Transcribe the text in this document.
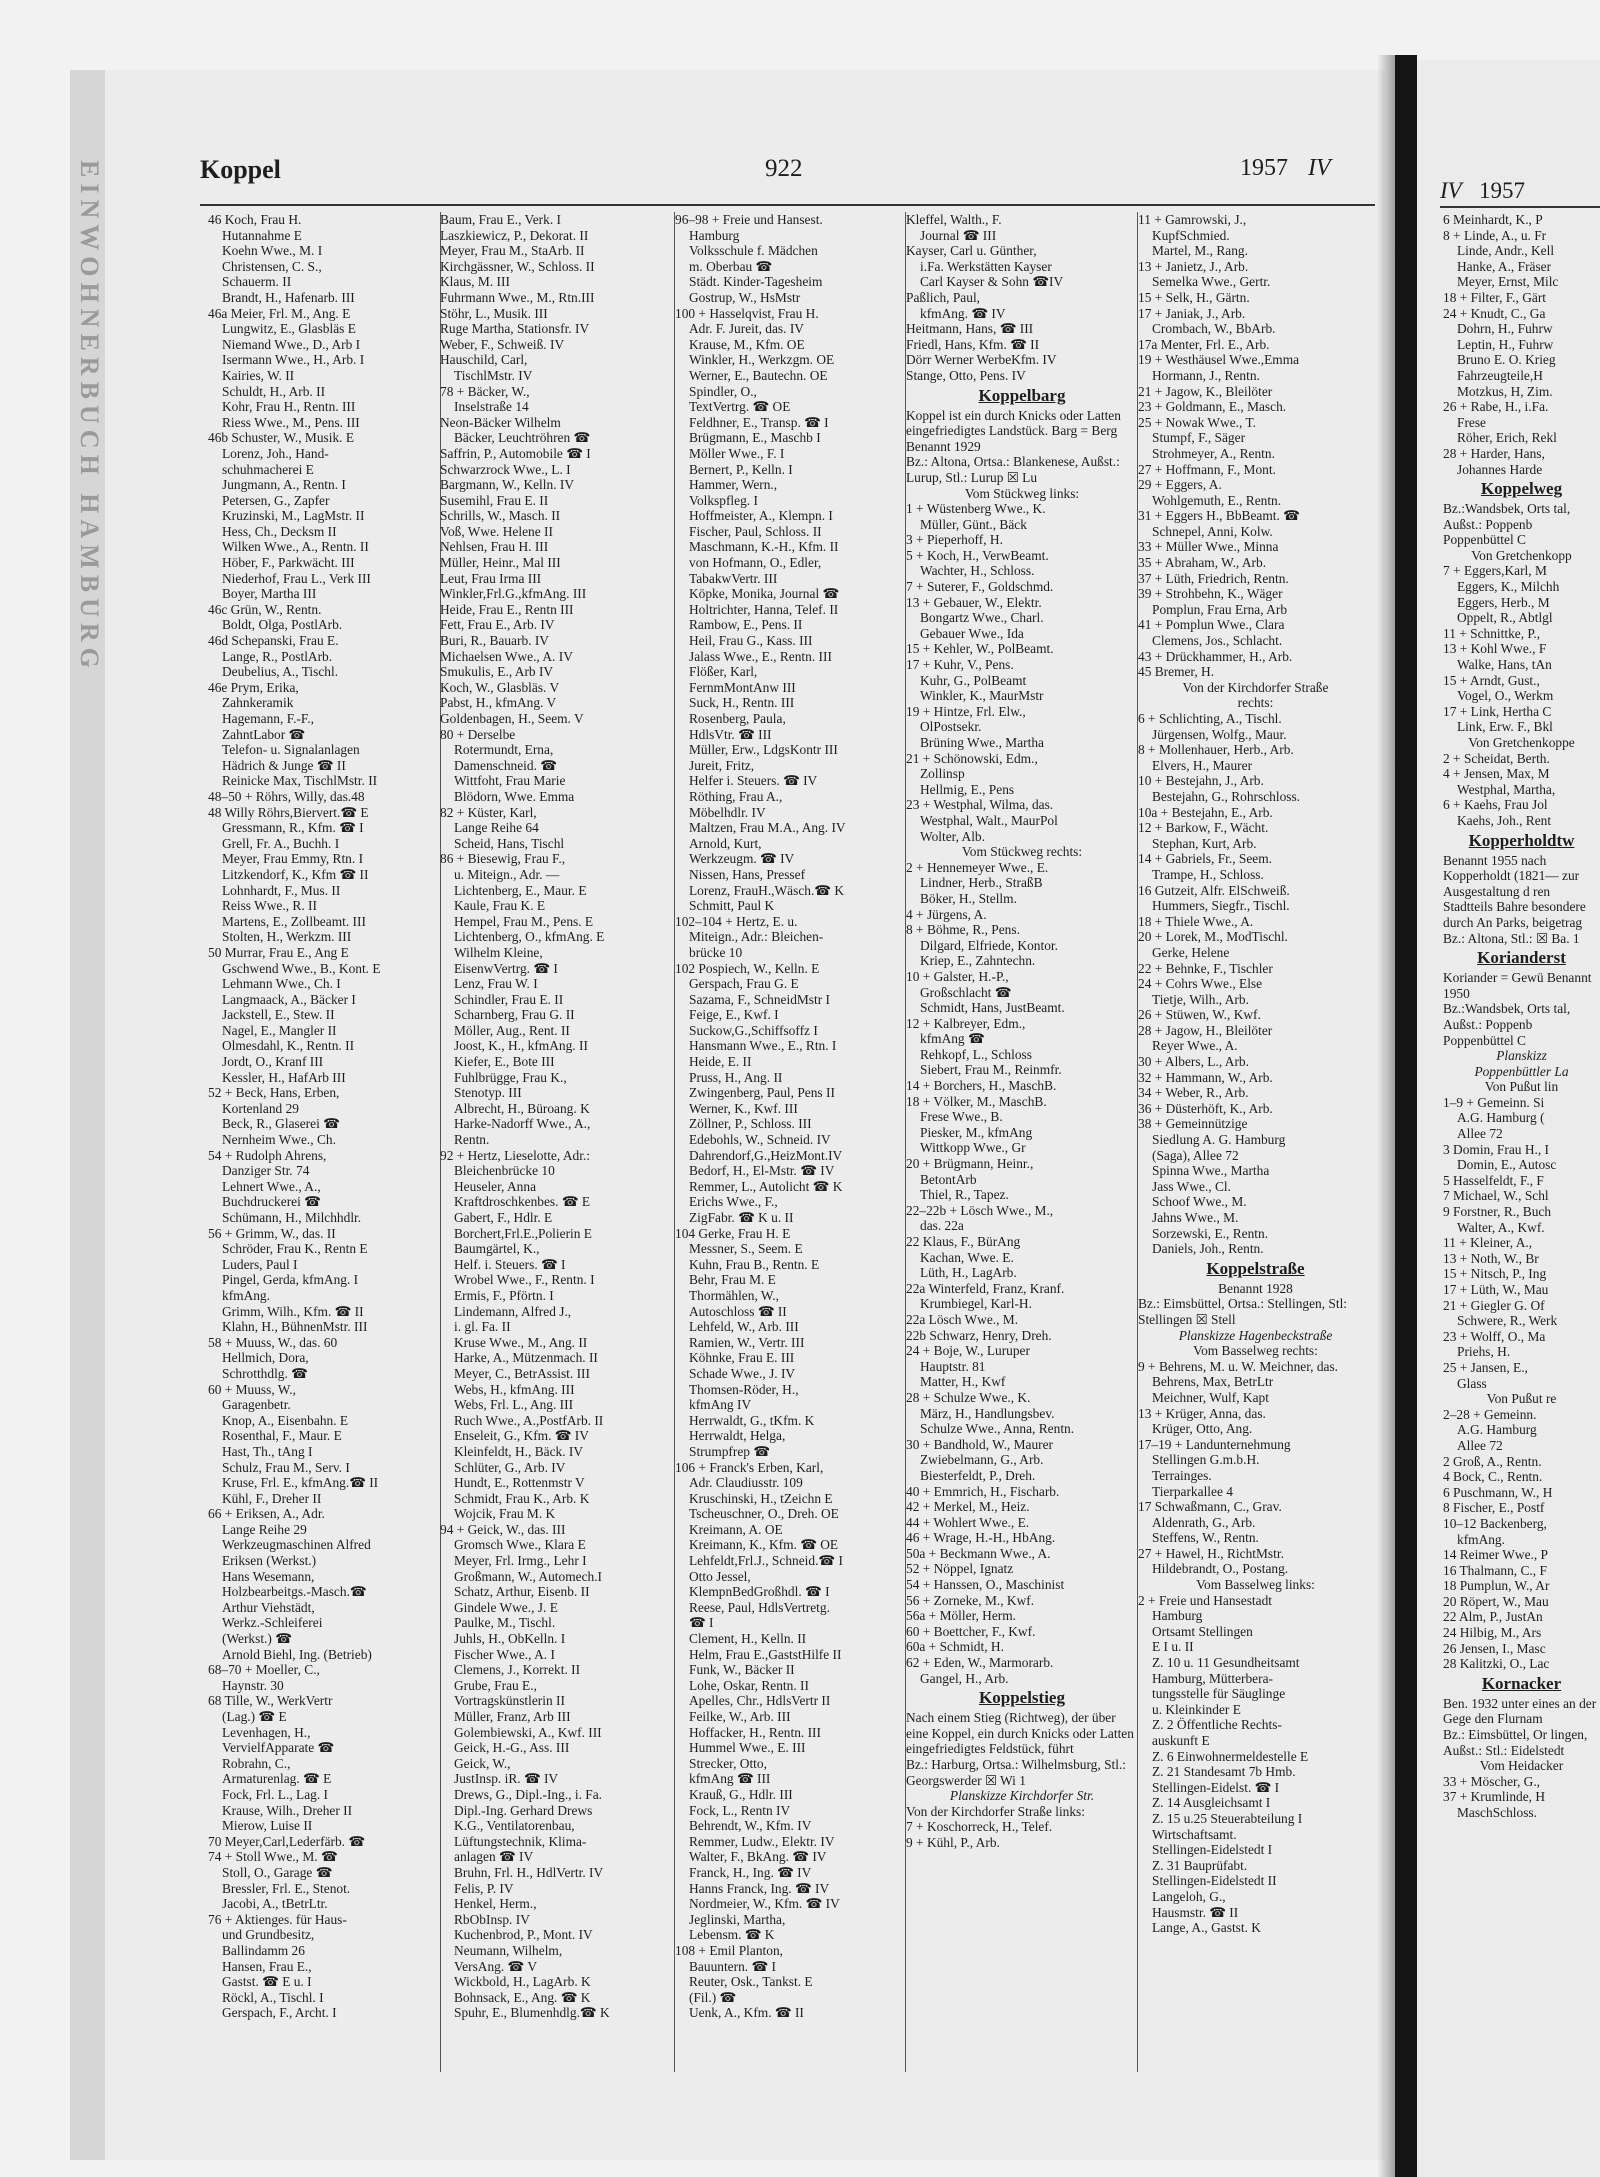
EINWOHNERBUCH HAMBURG	Koppel	922	1957 IV
IV 1957
46 Koch, Frau H.
Hutannahme E
Koehn Wwe., M. I
Christensen, C. S.,
Schauerm. II
Brandt, H., Hafenarb. III
46a Meier, Frl. M., Ang. E
Lungwitz, E., Glasbläs E
Niemand Wwe., D., Arb I
Isermann Wwe., H., Arb. I
Kairies, W. II
Schuldt, H., Arb. II
Kohr, Frau H., Rentn. III
Riess Wwe., M., Pens. III
46b Schuster, W., Musik. E
Lorenz, Joh., Hand-
schuhmacherei E
Jungmann, A., Rentn. I
Petersen, G., Zapfer
Kruzinski, M., LagMstr. II
Hess, Ch., Decksm II
Wilken Wwe., A., Rentn. II
Höber, F., Parkwächt. III
Niederhof, Frau L., Verk III
Boyer, Martha III
46c Grün, W., Rentn.
Boldt, Olga, PostlArb.
46d Schepanski, Frau E.
Lange, R., PostlArb.
Deubelius, A., Tischl.
46e Prym, Erika,
Zahnkeramik
Hagemann, F.-F.,
ZahntLabor ☎
Telefon- u. Signalanlagen
Hädrich & Junge ☎ II
Reinicke Max, TischlMstr. II
48–50 + Röhrs, Willy, das.48
48 Willy Röhrs,Biervert.☎ E
Gressmann, R., Kfm. ☎ I
Grell, Fr. A., Buchh. I
Meyer, Frau Emmy, Rtn. I
Litzkendorf, K., Kfm ☎ II
Lohnhardt, F., Mus. II
Reiss Wwe., R. II
Martens, E., Zollbeamt. III
Stolten, H., Werkzm. III
50 Murrar, Frau E., Ang E
Gschwend Wwe., B., Kont. E
Lehmann Wwe., Ch. I
Langmaack, A., Bäcker I
Jackstell, E., Stew. II
Nagel, E., Mangler II
Olmesdahl, K., Rentn. II
Jordt, O., Kranf III
Kessler, H., HafArb III
52 + Beck, Hans, Erben,
Kortenland 29
Beck, R., Glaserei ☎
Nernheim Wwe., Ch.
54 + Rudolph Ahrens,
Danziger Str. 74
Lehnert Wwe., A.,
Buchdruckerei ☎
Schümann, H., Milchhdlr.
56 + Grimm, W., das. II
Schröder, Frau K., Rentn E
Luders, Paul I
Pingel, Gerda, kfmAng. I
kfmAng.
Grimm, Wilh., Kfm. ☎ II
Klahn, H., BühnenMstr. III
58 + Muuss, W., das. 60
Hellmich, Dora,
Schrotthdlg. ☎
60 + Muuss, W.,
Garagenbetr.
Knop, A., Eisenbahn. E
Rosenthal, F., Maur. E
Hast, Th., tAng I
Schulz, Frau M., Serv. I
Kruse, Frl. E., kfmAng.☎ II
Kühl, F., Dreher II
66 + Eriksen, A., Adr.
Lange Reihe 29
Werkzeugmaschinen Alfred
Eriksen (Werkst.)
Hans Wesemann,
Holzbearbeitgs.-Masch.☎
Arthur Viehstädt,
Werkz.-Schleiferei
(Werkst.) ☎
Arnold Biehl, Ing. (Betrieb)
68–70 + Moeller, C.,
Haynstr. 30
68 Tille, W., WerkVertr
(Lag.) ☎ E
Levenhagen, H.,
Verviel‌fApparate ☎
Robrahn, C.,
Armaturenlag. ☎ E
Fock, Frl. L., Lag. I
Krause, Wilh., Dreher II
Mierow, Luise II
70 Meyer,Carl,Lederfärb. ☎
74 + Stoll Wwe., M. ☎
Stoll, O., Garage ☎
Bressler, Frl. E., Stenot.
Jacobi, A., tBetrLtr.
76 + Aktienges. für Haus-
und Grundbesitz,
Ballindamm 26
Hansen, Frau E.,
Gastst. ☎ E u. I
Röckl, A., Tischl. I
Gerspach, F., Archt. I
Baum, Frau E., Verk. I
Laszkiewicz, P., Dekorat. II
Meyer, Frau M., StaArb. II
Kirchgässner, W., Schloss. II
Klaus, M. III
Fuhrmann Wwe., M., Rtn.III
Stöhr, L., Musik. III
Ruge Martha, Stationsfr. IV
Weber, F., Schweiß. IV
Hauschild, Carl,
TischlMstr. IV
78 + Bäcker, W.,
Inselstraße 14
Neon-Bäcker Wilhelm
Bäcker, Leuchtröhren ☎
Saffrin, P., Automobile ☎ I
Schwarzrock Wwe., L. I
Bargmann, W., Kelln. IV
Susemihl, Frau E. II
Schrills, W., Masch. II
Voß, Wwe. Helene II
Nehlsen, Frau H. III
Müller, Heinr., Mal III
Leut, Frau Irma III
Winkler,Frl.G.,kfmAng. III
Heide, Frau E., Rentn III
Fett, Frau E., Arb. IV
Buri, R., Bauarb. IV
Michaelsen Wwe., A. IV
Smukulis, E., Arb IV
Koch, W., Glasbläs. V
Pabst, H., kfmAng. V
Goldenbagen, H., Seem. V
80 + Derselbe
Rotermundt, Erna,
Damenschneid. ☎
Wittfoht, Frau Marie
Blödorn, Wwe. Emma
82 + Küster, Karl,
Lange Reihe 64
Scheid, Hans, Tischl
86 + Biesewig, Frau F.,
u. Miteign., Adr. —
Lichtenberg, E., Maur. E
Kaule, Frau K. E
Hempel, Frau M., Pens. E
Lichtenberg, O., kfmAng. E
Wilhelm Kleine,
EisenwVertrg. ☎ I
Lenz, Frau W. I
Schindler, Frau E. II
Scharnberg, Frau G. II
Möller, Aug., Rent. II
Joost, K., H., kfmAng. II
Kiefer, E., Bote III
Fuhlbrügge, Frau K.,
Stenotyp. III
Albrecht, H., Büroang. K
Harke-Nadorff Wwe., A.,
Rentn.
92 + Hertz, Lieselotte, Adr.:
Bleichenbrücke 10
Heuseler, Anna
Kraftdroschkenbes. ☎ E
Gabert, F., Hdlr. E
Borchert,Frl.E.,Polierin E
Baumgärtel, K.,
Helf. i. Steuers. ☎ I
Wrobel Wwe., F., Rentn. I
Ermis, F., Pförtn. I
Lindemann, Alfred J.,
i. gl. Fa. II
Kruse Wwe., M., Ang. II
Harke, A., Mützenmach. II
Meyer, C., BetrAssist. III
Webs, H., kfmAng. III
Webs, Frl. L., Ang. III
Ruch Wwe., A.,PostfArb. II
Enseleit, G., Kfm. ☎ IV
Kleinfeldt, H., Bäck. IV
Schlüter, G., Arb. IV
Hundt, E., Rottenmstr V
Schmidt, Frau K., Arb. K
Wojcik, Frau M. K
94 + Geick, W., das. III
Gromsch Wwe., Klara E
Meyer, Frl. Irmg., Lehr I
Großmann, W., Automech.I
Schatz, Arthur, Eisenb. II
Gindele Wwe., J. E
Paulke, M., Tischl.
Juhls, H., ObKelln. I
Fischer Wwe., A. I
Clemens, J., Korrekt. II
Grube, Frau E.,
Vortragskünstlerin II
Müller, Franz, Arb III
Golembiewski, A., Kwf. III
Geick, H.-G., Ass. III
Geick, W.,
JustInsp. iR. ☎ IV
Drews, G., Dipl.-Ing., i. Fa.
Dipl.-Ing. Gerhard Drews
K.G., Ventilatorenbau,
Lüftungstechnik, Klima-
anlagen ☎ IV
Bruhn, Frl. H., HdlVertr. IV
Felis, P. IV
Henkel, Herm.,
RbObInsp. IV
Kuchenbrod, P., Mont. IV
Neumann, Wilhelm,
VersAng. ☎ V
Wickbold, H., LagArb. K
Bohnsack, E., Ang. ☎ K
Spuhr, E., Blumenhdlg.☎ K
96–98 + Freie und Hansest.
Hamburg
Volksschule f. Mädchen
m. Oberbau ☎
Städt. Kinder-Tagesheim
Gostrup, W., HsMstr
100 + Hasselqvist, Frau H.
Adr. F. Jureit, das. IV
Krause, M., Kfm. OE
Winkler, H., Werkzgm. OE
Werner, E., Bautechn. OE
Spindler, O.,
TextVertrg. ☎ OE
Feldhner, E., Transp. ☎ I
Brügmann, E., Maschb I
Möller Wwe., F. I
Bernert, P., Kelln. I
Hammer, Wern.,
Volkspfleg. I
Hoffmeister, A., Klempn. I
Fischer, Paul, Schloss. II
Maschmann, K.-H., Kfm. II
von Hofmann, O., Edler,
TabakwVertr. III
Köpke, Monika, Journal ☎
Holtrichter, Hanna, Telef. II
Rambow, E., Pens. II
Heil, Frau G., Kass. III
Jalass Wwe., E., Rentn. III
Flößer, Karl,
FernmMontAnw III
Suck, H., Rentn. III
Rosenberg, Paula,
HdlsVtr. ☎ III
Müller, Erw., LdgsKontr III
Jureit, Fritz,
Helfer i. Steuers. ☎ IV
Röthing, Frau A.,
Möbelhdlr. IV
Maltzen, Frau M.A., Ang. IV
Arnold, Kurt,
Werkzeugm. ☎ IV
Nissen, Hans, Pressef
Lorenz, FrauH.,Wäsch.☎ K
Schmitt, Paul K
102–104 + Hertz, E. u.
Miteign., Adr.: Bleichen-
brücke 10
102 Pospiech, W., Kelln. E
Gerspach, Frau G. E
Sazama, F., SchneidMstr I
Feige, E., Kwf. I
Suckow,G.,Schiffsoffz I
Hansmann Wwe., E., Rtn. I
Heide, E. II
Pruss, H., Ang. II
Zwingenberg, Paul, Pens II
Werner, K., Kwf. III
Zöllner, P., Schloss. III
Edebohls, W., Schneid. IV
Dahrendorf,G.,HeizMont.IV
Bedorf, H., El-Mstr. ☎ IV
Remmer, L., Autolicht ☎ K
Erichs Wwe., F.,
ZigFabr. ☎ K u. II
104 Gerke, Frau H. E
Messner, S., Seem. E
Kuhn, Frau B., Rentn. E
Behr, Frau M. E
Thormählen, W.,
Autoschloss ☎ II
Lehfeld, W., Arb. III
Ramien, W., Vertr. III
Köhnke, Frau E. III
Schade Wwe., J. IV
Thomsen-Röder, H.,
kfmAng IV
Herrwaldt, G., tKfm. K
Herrwaldt, Helga,
Strumpfrep ☎
106 + Franck's Erben, Karl,
Adr. Claudiusstr. 109
Kruschinski, H., tZeichn E
Tscheuschner, O., Dreh. OE
Kreimann, A. OE
Kreimann, K., Kfm. ☎ OE
Lehfeldt,Frl.J., Schneid.☎ I
Otto Jessel,
KlempnBedGroßhdl. ☎ I
Reese, Paul, HdlsVertretg.
☎ I
Clement, H., Kelln. II
Helm, Frau E.,GaststHilfe II
Funk, W., Bäcker II
Lohe, Oskar, Rentn. II
Apelles, Chr., HdlsVertr II
Feilke, W., Arb. III
Hoffacker, H., Rentn. III
Hummel Wwe., E. III
Strecker, Otto,
kfmAng ☎ III
Krauß, G., Hdlr. III
Fock, L., Rentn IV
Behrendt, W., Kfm. IV
Remmer, Ludw., Elektr. IV
Walter, F., BkAng. ☎ IV
Franck, H., Ing. ☎ IV
Hanns Franck, Ing. ☎ IV
Nordmeier, W., Kfm. ☎ IV
Jeglinski, Martha,
Lebensm. ☎ K
108 + Emil Planton,
Bauuntern. ☎ I
Reuter, Osk., Tankst. E
(Fil.) ☎
Uenk, A., Kfm. ☎ II
Kleffel, Walth., F.
Journal ☎ III
Kayser, Carl u. Günther,
i.Fa. Werkstätten Kayser
Carl Kayser & Sohn ☎IV
Paßlich, Paul,
kfmAng. ☎ IV
Heitmann, Hans, ☎ III
Friedl, Hans, Kfm. ☎ II
Dörr Werner WerbeKfm. IV
Stange, Otto, Pens. IV
Koppelbarg
Koppel ist ein durch Knicks oder Latten eingefriedigtes Landstück. Barg = Berg Benannt 1929
Bz.: Altona, Ortsa.: Blankenese, Außst.: Lurup, Stl.: Lurup ☒ Lu
Vom Stückweg links:
1 + Wüstenberg Wwe., K.
Müller, Günt., Bäck
3 + Pieperhoff, H.
5 + Koch, H., VerwBeamt.
Wachter, H., Schloss.
7 + Suterer, F., Goldschmd.
13 + Gebauer, W., Elektr.
Bongartz Wwe., Charl.
Gebauer Wwe., Ida
15 + Kehler, W., PolBeamt.
17 + Kuhr, V., Pens.
Kuhr, G., PolBeamt
Winkler, K., MaurMstr
19 + Hintze, Frl. Elw.,
OlPostsekr.
Brüning Wwe., Martha
21 + Schönowski, Edm.,
Zollinsp
Hellmig, E., Pens
23 + Westphal, Wilma, das.
Westphal, Walt., MaurPol
Wolter, Alb.
Vom Stückweg rechts:
2 + Hennemeyer Wwe., E.
Lindner, Herb., StraßB
Böker, H., Stellm.
4 + Jürgens, A.
8 + Böhme, R., Pens.
Dilgard, Elfriede, Kontor.
Kriep, E., Zahntechn.
10 + Galster, H.-P.,
Großschlacht ☎
Schmidt, Hans, JustBeamt.
12 + Kalbreyer, Edm.,
kfmAng ☎
Rehkopf, L., Schloss
Siebert, Frau M., Reinmfr.
14 + Borchers, H., MaschB.
18 + Völker, M., MaschB.
Frese Wwe., B.
Piesker, M., kfmAng
Wittkopp Wwe., Gr
20 + Brügmann, Heinr.,
BetontArb
Thiel, R., Tapez.
22–22b + Lösch Wwe., M.,
das. 22a
22 Klaus, F., BürAng
Kachan, Wwe. E.
Lüth, H., LagArb.
22a Winterfeld, Franz, Kranf.
Krumbiegel, Karl-H.
22a Lösch Wwe., M.
22b Schwarz, Henry, Dreh.
24 + Boje, W., Luruper
Hauptstr. 81
Matter, H., Kwf
28 + Schulze Wwe., K.
März, H., Handlungsbev.
Schulze Wwe., Anna, Rentn.
30 + Bandhold, W., Maurer
Zwiebelmann, G., Arb.
Biesterfeldt, P., Dreh.
40 + Emmrich, H., Fischarb.
42 + Merkel, M., Heiz.
44 + Wohlert Wwe., E.
46 + Wrage, H.-H., HbAng.
50a + Beckmann Wwe., A.
52 + Nöppel, Ignatz
54 + Hanssen, O., Maschinist
56 + Zorneke, M., Kwf.
56a + Möller, Herm.
60 + Boettcher, F., Kwf.
60a + Schmidt, H.
62 + Eden, W., Marmorarb.
Gangel, H., Arb.
Koppelstieg
Nach einem Stieg (Richtweg), der über eine Koppel, ein durch Knicks oder Latten eingefriedigtes Feldstück, führt
Bz.: Harburg, Ortsa.: Wilhelmsburg, Stl.: Georgswerder ☒ Wi 1
Planskizze Kirchdorfer Str.
Von der Kirchdorfer Straße links:
7 + Koschorreck, H., Telef.
9 + Kühl, P., Arb.
11 + Gamrowski, J.,
KupfSchmied.
Martel, M., Rang.
13 + Janietz, J., Arb.
Semelka Wwe., Gertr.
15 + Selk, H., Gärtn.
17 + Janiak, J., Arb.
Crombach, W., BbArb.
17a Menter, Frl. E., Arb.
19 + Westhäusel Wwe.,Emma
Hormann, J., Rentn.
21 + Jagow, K., Bleilöter
23 + Goldmann, E., Masch.
25 + Nowak Wwe., T.
Stumpf, F., Säger
Strohmeyer, A., Rentn.
27 + Hoffmann, F., Mont.
29 + Eggers, A.
Wohlgemuth, E., Rentn.
31 + Eggers H., BbBeamt. ☎
Schnepel, Anni, Kolw.
33 + Müller Wwe., Minna
35 + Abraham, W., Arb.
37 + Lüth, Friedrich, Rentn.
39 + Strohbehn, K., Wäger
Pomplun, Frau Erna, Arb
41 + Pomplun Wwe., Clara
Clemens, Jos., Schlacht.
43 + Drückhammer, H., Arb.
45 Bremer, H.
Von der Kirchdorfer Straße
rechts:
6 + Schlichting, A., Tischl.
Jürgensen, Wolfg., Maur.
8 + Mollenhauer, Herb., Arb.
Elvers, H., Maurer
10 + Bestejahn, J., Arb.
Bestejahn, G., Rohrschloss.
10a + Bestejahn, E., Arb.
12 + Barkow, F., Wächt.
Stephan, Kurt, Arb.
14 + Gabriels, Fr., Seem.
Trampe, H., Schloss.
16 Gutzeit, Alfr. ElSchweiß.
Hummers, Siegfr., Tischl.
18 + Thiele Wwe., A.
20 + Lorek, M., ModTischl.
Gerke, Helene
22 + Behnke, F., Tischler
24 + Cohrs Wwe., Else
Tietje, Wilh., Arb.
26 + Stüwen, W., Kwf.
28 + Jagow, H., Bleilöter
Reyer Wwe., A.
30 + Albers, L., Arb.
32 + Hammann, W., Arb.
34 + Weber, R., Arb.
36 + Düsterhöft, K., Arb.
38 + Gemeinnützige
Siedlung A. G. Hamburg
(Saga), Allee 72
Spinna Wwe., Martha
Jass Wwe., Cl.
Schoof Wwe., M.
Jahns Wwe., M.
Sorzewski, E., Rentn.
Daniels, Joh., Rentn.
Koppelstraße
Benannt 1928
Bz.: Eimsbüttel, Ortsa.: Stellingen, Stl: Stellingen ☒ Stell
Planskizze Hagenbeckstraße
Vom Basselweg rechts:
9 + Behrens, M. u. W. Meichner, das.
Behrens, Max, BetrLtr
Meichner, Wulf, Kapt
13 + Krüger, Anna, das.
Krüger, Otto, Ang.
17–19 + Landunternehmung
Stellingen G.m.b.H.
Terrainges.
Tierparkallee 4
17 Schwaßmann, C., Grav.
Aldenrath, G., Arb.
Steffens, W., Rentn.
27 + Hawel, H., RichtMstr.
Hildebrandt, O., Postang.
Vom Basselweg links:
2 + Freie und Hansestadt
Hamburg
Ortsamt Stellingen
E I u. II
Z. 10 u. 11 Gesundheitsamt
Hamburg, Mütterbera-
tungsstelle für Säuglinge
u. Kleinkinder E
Z. 2 Öffentliche Rechts-
auskunft E
Z. 6 Einwohnermeldestelle E
Z. 21 Standesamt 7b Hmb.
Stellingen-Eidelst. ☎ I
Z. 14 Ausgleichsamt I
Z. 15 u.25 Steuerabteilung I
Wirtschaftsamt.
Stellingen-Eidelstedt I
Z. 31 Bauprüfabt.
Stellingen-Eidelstedt II
Langeloh, G.,
Hausmstr. ☎ II
Lange, A., Gastst. K
6 Meinhardt, K., P
8 + Linde, A., u. Fr
Linde, Andr., Kell
Hanke, A., Fräser
Meyer, Ernst, Milc
18 + Filter, F., Gärt
24 + Knudt, C., Ga
Dohrn, H., Fuhrw
Leptin, H., Fuhrw
Bruno E. O. Krieg
Fahrzeugteile,H
Motzkus, H, Zim.
26 + Rabe, H., i.Fa.
Frese
Röher, Erich, Rekl
28 + Harder, Hans,
Johannes Harde
Koppelweg
Bz.:Wandsbek, Orts tal, Außst.: Poppenb Poppenbüttel C
Von Gretchenkopp
7 + Eggers,Karl, M
Eggers, K., Milchh
Eggers, Herb., M
Oppelt, R., Abtlgl
11 + Schnittke, P.,
13 + Kohl Wwe., F
Walke, Hans, tAn
15 + Arndt, Gust.,
Vogel, O., Werkm
17 + Link, Hertha C
Link, Erw. F., Bkl
Von Gretchenkoppe
2 + Scheidat, Berth.
4 + Jensen, Max, M
Westphal, Martha,
6 + Kaehs, Frau Jol
Kaehs, Joh., Rent
Kopperholdtw
Benannt 1955 nach Kopperholdt (1821— zur Ausgestaltung d ren Stadtteils Bahre besondere durch An Parks, beigetrag
Bz.: Altona, Stl.: ☒ Ba. 1
Korianderst
Koriander = Gewü Benannt 1950
Bz.:Wandsbek, Orts tal, Außst.: Poppenb Poppenbüttel C
Planskizz
Poppenbüttler La
Von Pußut lin
1–9 + Gemeinn. Si
A.G. Hamburg (
Allee 72
3 Domin, Frau H., I
Domin, E., Autosc
5 Hasselfeldt, F., F
7 Michael, W., Schl
9 Forstner, R., Buch
Walter, A., Kwf.
11 + Kleiner, A.,
13 + Noth, W., Br
15 + Nitsch, P., Ing
17 + Lüth, W., Mau
21 + Giegler G. Of
Schwere, R., Werk
23 + Wolff, O., Ma
Priehs, H.
25 + Jansen, E.,
Glass
Von Pußut re
2–28 + Gemeinn.
A.G. Hamburg
Allee 72
2 Groß, A., Rentn.
4 Bock, C., Rentn.
6 Puschmann, W., H
8 Fischer, E., Postf
10–12 Backenberg,
kfmAng.
14 Reimer Wwe., P
16 Thalmann, C., F
18 Pumplun, W., Ar
20 Röpert, W., Mau
22 Alm, P., JustAn
24 Hilbig, M., Ars
26 Jensen, I., Masc
28 Kalitzki, O., Lac
Kornacker
Ben. 1932 unter eines an der Gege den Flurnam
Bz.: Eimsbüttel, Or lingen, Außst.: Stl.: Eidelstedt
Vom Heidacker
33 + Möscher, G.,
37 + Krumlinde, H
MaschSchloss.
